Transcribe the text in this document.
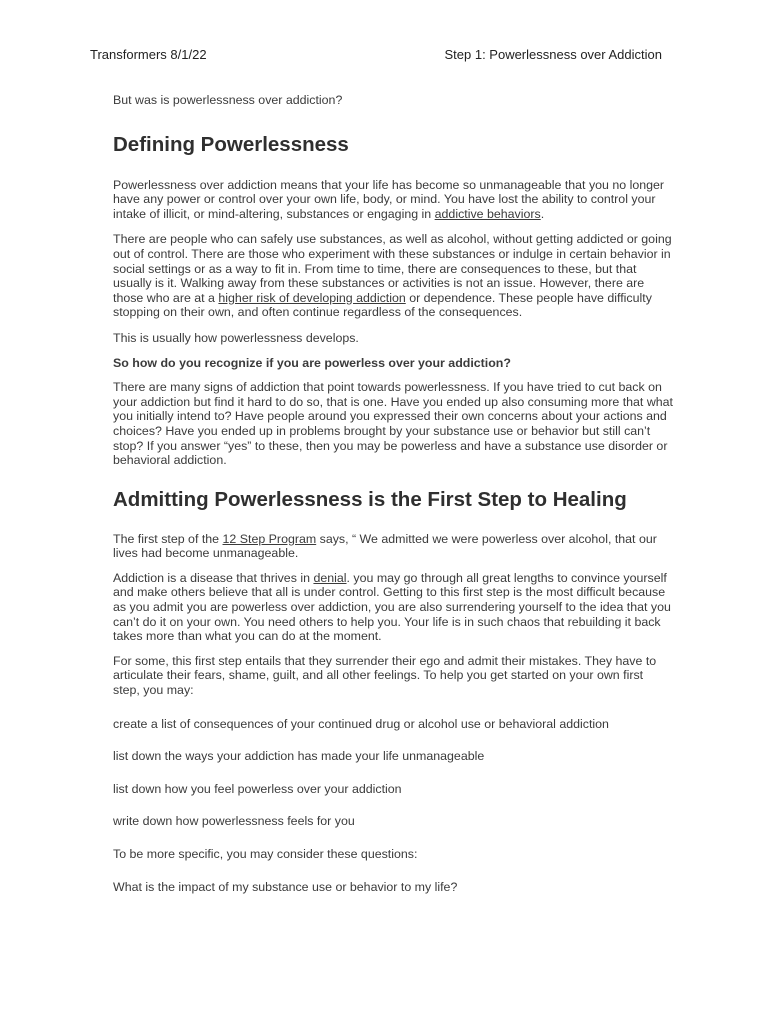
Transformers 8/1/22	Step 1: Powerlessness over Addiction

But was is powerlessness over addiction?

Defining Powerlessness

Powerlessness over addiction means that your life has become so unmanageable that you no longer have any power or control over your own life, body, or mind. You have lost the ability to control your intake of illicit, or mind-altering, substances or engaging in addictive behaviors.

There are people who can safely use substances, as well as alcohol, without getting addicted or going out of control. There are those who experiment with these substances or indulge in certain behavior in social settings or as a way to fit in. From time to time, there are consequences to these, but that usually is it. Walking away from these substances or activities is not an issue. However, there are those who are at a higher risk of developing addiction or dependence. These people have difficulty stopping on their own, and often continue regardless of the consequences.

This is usually how powerlessness develops.

So how do you recognize if you are powerless over your addiction?

There are many signs of addiction that point towards powerlessness. If you have tried to cut back on your addiction but find it hard to do so, that is one. Have you ended up also consuming more that what you initially intend to? Have people around you expressed their own concerns about your actions and choices? Have you ended up in problems brought by your substance use or behavior but still can’t stop? If you answer “yes” to these, then you may be powerless and have a substance use disorder or behavioral addiction.

Admitting Powerlessness is the First Step to Healing

The first step of the 12 Step Program says, “ We admitted we were powerless over alcohol, that our lives had become unmanageable.

Addiction is a disease that thrives in denial. you may go through all great lengths to convince yourself and make others believe that all is under control. Getting to this first step is the most difficult because as you admit you are powerless over addiction, you are also surrendering yourself to the idea that you can’t do it on your own. You need others to help you. Your life is in such chaos that rebuilding it back takes more than what you can do at the moment.

For some, this first step entails that they surrender their ego and admit their mistakes. They have to articulate their fears, shame, guilt, and all other feelings. To help you get started on your own first step, you may:

create a list of consequences of your continued drug or alcohol use or behavioral addiction

list down the ways your addiction has made your life unmanageable

list down how you feel powerless over your addiction

write down how powerlessness feels for you

To be more specific, you may consider these questions:

What is the impact of my substance use or behavior to my life?
